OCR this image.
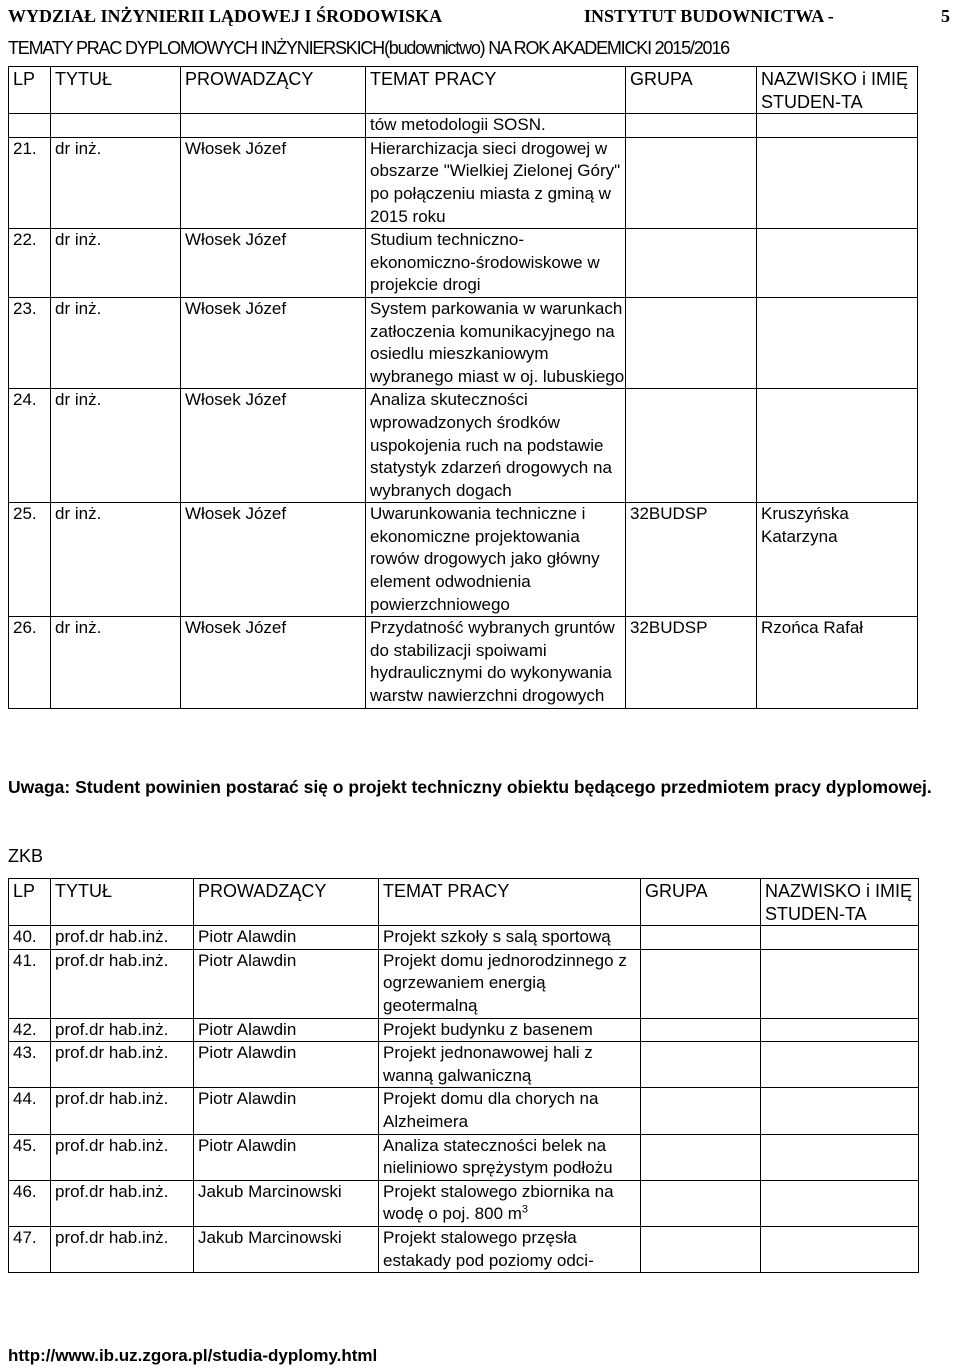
WYDZIAŁ INŻYNIERII LĄDOWEJ I ŚRODOWISKA	INSTYTUT BUDOWNICTWA -	5
TEMATY PRAC DYPLOMOWYCH INŻYNIERSKICH(budownictwo) NA ROK AKADEMICKI 2015/2016
LP	TYTUŁ	PROWADZĄCY	TEMAT PRACY	GRUPA	NAZWISKO i IMIĘ STUDEN-TA
			tów metodologii SOSN.		
21.	dr inż.	Włosek Józef	Hierarchizacja sieci drogowej w obszarze "Wielkiej Zielonej Góry" po połączeniu miasta z gminą w 2015 roku		
22.	dr inż.	Włosek Józef	Studium techniczno-ekonomiczno-środowiskowe w projekcie drogi		
23.	dr inż.	Włosek Józef	System parkowania w warunkach zatłoczenia komunikacyjnego na osiedlu mieszkaniowym wybranego miast w oj. lubuskiego		
24.	dr inż.	Włosek Józef	Analiza skuteczności wprowadzonych środków uspokojenia ruch na podstawie statystyk zdarzeń drogowych na wybranych dogach		
25.	dr inż.	Włosek Józef	Uwarunkowania techniczne i ekonomiczne projektowania rowów drogowych jako główny element odwodnienia powierzchniowego	32BUDSP	Kruszyńska Katarzyna
26.	dr inż.	Włosek Józef	Przydatność wybranych gruntów do stabilizacji spoiwami hydraulicznymi do wykonywania warstw nawierzchni drogowych	32BUDSP	Rzońca Rafał
Uwaga: Student powinien postarać się o projekt techniczny obiektu będącego przedmiotem pracy dyplomowej.
ZKB
LP	TYTUŁ	PROWADZĄCY	TEMAT PRACY	GRUPA	NAZWISKO i IMIĘ STUDEN-TA
40.	prof.dr hab.inż.	Piotr Alawdin	Projekt szkoły s salą sportową		
41.	prof.dr hab.inż.	Piotr Alawdin	Projekt domu jednorodzinnego z ogrzewaniem energią geotermalną		
42.	prof.dr hab.inż.	Piotr Alawdin	Projekt budynku z basenem		
43.	prof.dr hab.inż.	Piotr Alawdin	Projekt jednonawowej hali z wanną galwaniczną		
44.	prof.dr hab.inż.	Piotr Alawdin	Projekt domu dla chorych na Alzheimera		
45.	prof.dr hab.inż.	Piotr Alawdin	Analiza stateczności belek na nieliniowo sprężystym podłożu		
46.	prof.dr hab.inż.	Jakub Marcinowski	Projekt stalowego zbiornika na wodę o poj. 800 $m^3$		
47.	prof.dr hab.inż.	Jakub Marcinowski	Projekt stalowego przęsła estakady pod poziomy odci-		
http://www.ib.uz.zgora.pl/studia-dyplomy.html
